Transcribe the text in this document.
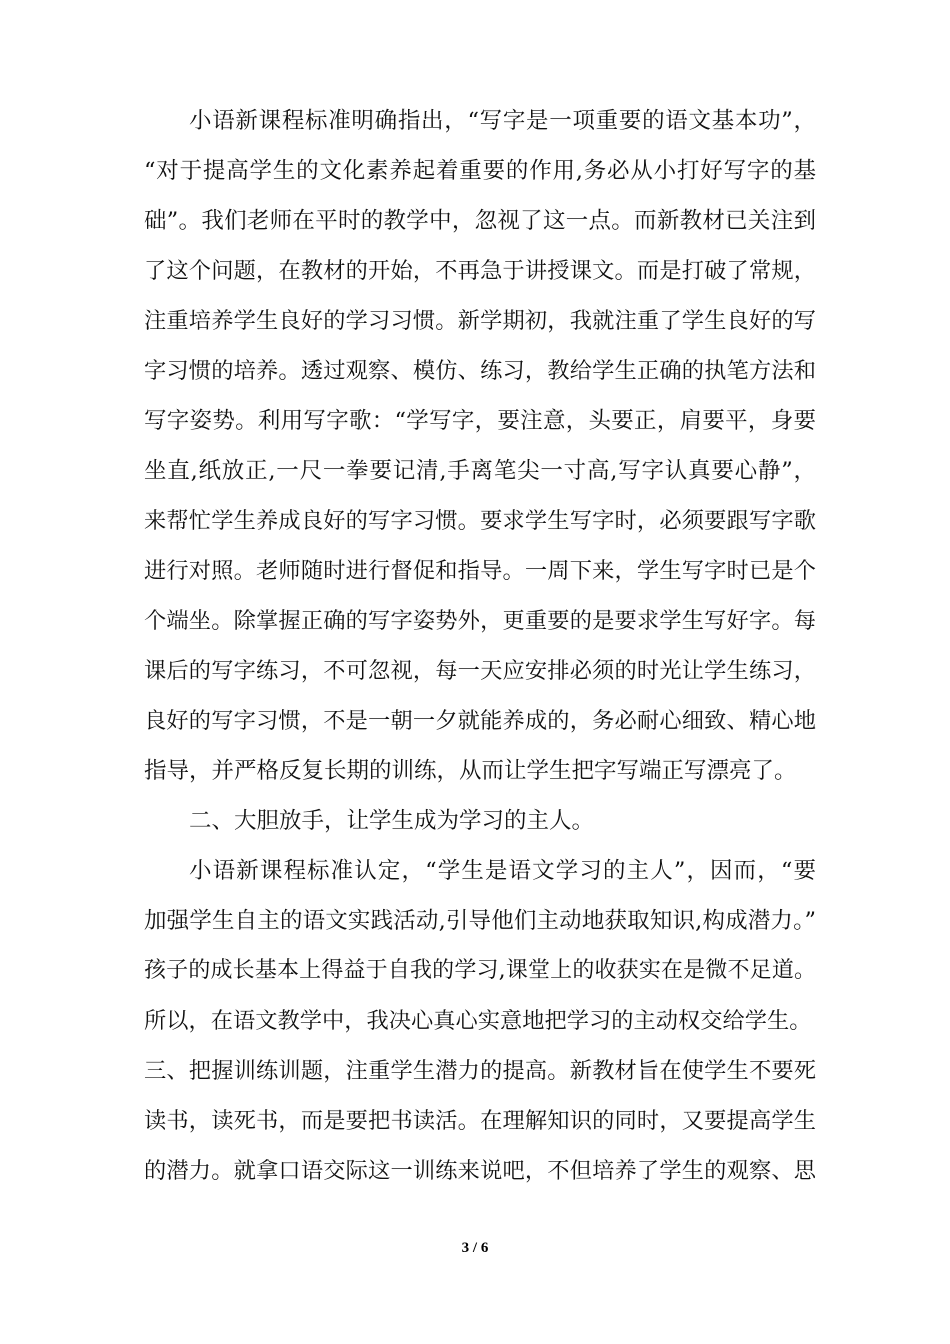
小语新课程标准明确指出，“写字是一项重要的语文基本功”，
“对于提高学生的文化素养起着重要的作用,务必从小打好写字的基
础”。我们老师在平时的教学中，忽视了这一点。而新教材已关注到
了这个问题，在教材的开始，不再急于讲授课文。而是打破了常规，
注重培养学生良好的学习习惯。新学期初，我就注重了学生良好的写
字习惯的培养。透过观察、模仿、练习，教给学生正确的执笔方法和
写字姿势。利用写字歌：“学写字，要注意，头要正，肩要平，身要
坐直,纸放正,一尺一拳要记清,手离笔尖一寸高,写字认真要心静”，
来帮忙学生养成良好的写字习惯。要求学生写字时，必须要跟写字歌
进行对照。老师随时进行督促和指导。一周下来，学生写字时已是个
个端坐。除掌握正确的写字姿势外，更重要的是要求学生写好字。每
课后的写字练习，不可忽视，每一天应安排必须的时光让学生练习，
良好的写字习惯，不是一朝一夕就能养成的，务必耐心细致、精心地
指导，并严格反复长期的训练，从而让学生把字写端正写漂亮了。
二、大胆放手，让学生成为学习的主人。
小语新课程标准认定，“学生是语文学习的主人”，因而，“要
加强学生自主的语文实践活动,引导他们主动地获取知识,构成潜力。”
孩子的成长基本上得益于自我的学习,课堂上的收获实在是微不足道。
所以，在语文教学中，我决心真心实意地把学习的主动权交给学生。
三、把握训练训题，注重学生潜力的提高。新教材旨在使学生不要死
读书，读死书，而是要把书读活。在理解知识的同时，又要提高学生
的潜力。就拿口语交际这一训练来说吧，不但培养了学生的观察、思
3 / 6
